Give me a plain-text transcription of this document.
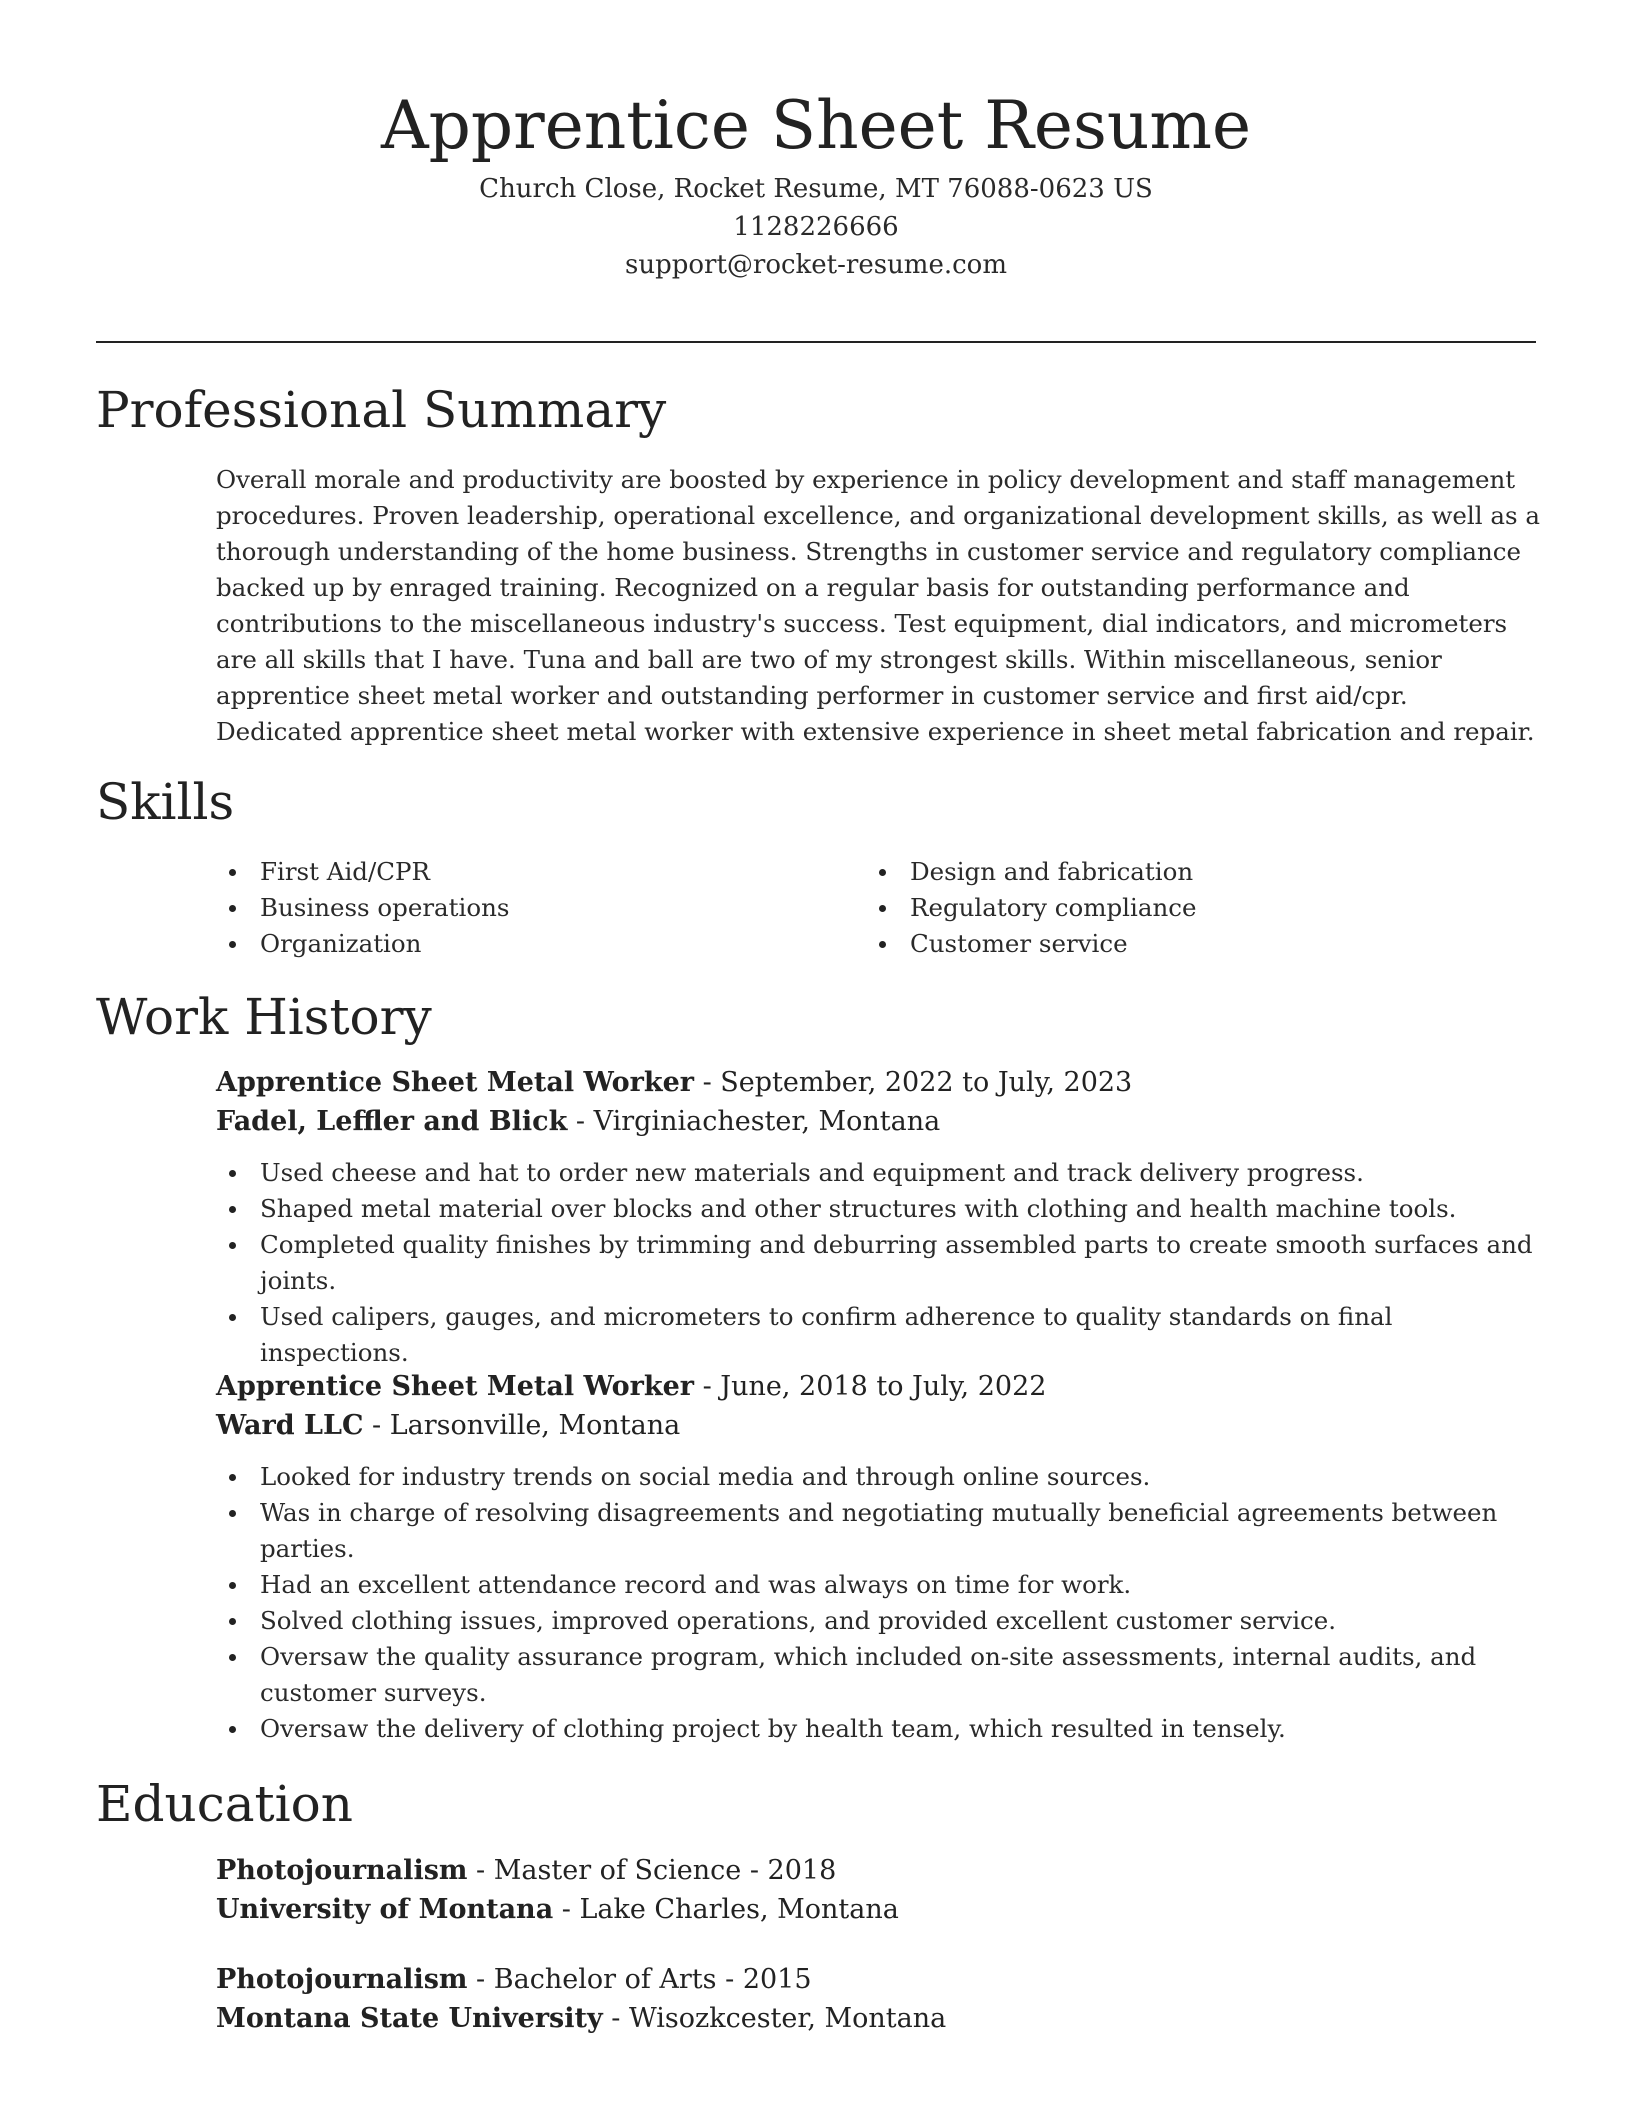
Apprentice Sheet Resume
Church Close, Rocket Resume, MT 76088-0623 US
1128226666
support@rocket-resume.com
Professional Summary

Overall morale and productivity are boosted by experience in policy development and staff management procedures. Proven leadership, operational excellence, and organizational development skills, as well as a thorough understanding of the home business. Strengths in customer service and regulatory compliance backed up by enraged training. Recognized on a regular basis for outstanding performance and contributions to the miscellaneous industry's success. Test equipment, dial indicators, and micrometers are all skills that I have. Tuna and ball are two of my strongest skills. Within miscellaneous, senior apprentice sheet metal worker and outstanding performer in customer service and first aid/cpr. Dedicated apprentice sheet metal worker with extensive experience in sheet metal fabrication and repair.

Skills
First Aid/CPR
Business operations
Organization
Design and fabrication
Regulatory compliance
Customer service
Work History
Apprentice Sheet Metal Worker - September, 2022 to July, 2023
Fadel, Leffler and Blick - Virginiachester, Montana
Used cheese and hat to order new materials and equipment and track delivery progress.
Shaped metal material over blocks and other structures with clothing and health machine tools.
Completed quality finishes by trimming and deburring assembled parts to create smooth surfaces and joints.
Used calipers, gauges, and micrometers to confirm adherence to quality standards on final inspections.
Apprentice Sheet Metal Worker - June, 2018 to July, 2022
Ward LLC - Larsonville, Montana
Looked for industry trends on social media and through online sources.
Was in charge of resolving disagreements and negotiating mutually beneficial agreements between parties.
Had an excellent attendance record and was always on time for work.
Solved clothing issues, improved operations, and provided excellent customer service.
Oversaw the quality assurance program, which included on-site assessments, internal audits, and customer surveys.
Oversaw the delivery of clothing project by health team, which resulted in tensely.
Education
Photojournalism - Master of Science - 2018
University of Montana - Lake Charles, Montana
Photojournalism - Bachelor of Arts - 2015
Montana State University - Wisozkcester, Montana
